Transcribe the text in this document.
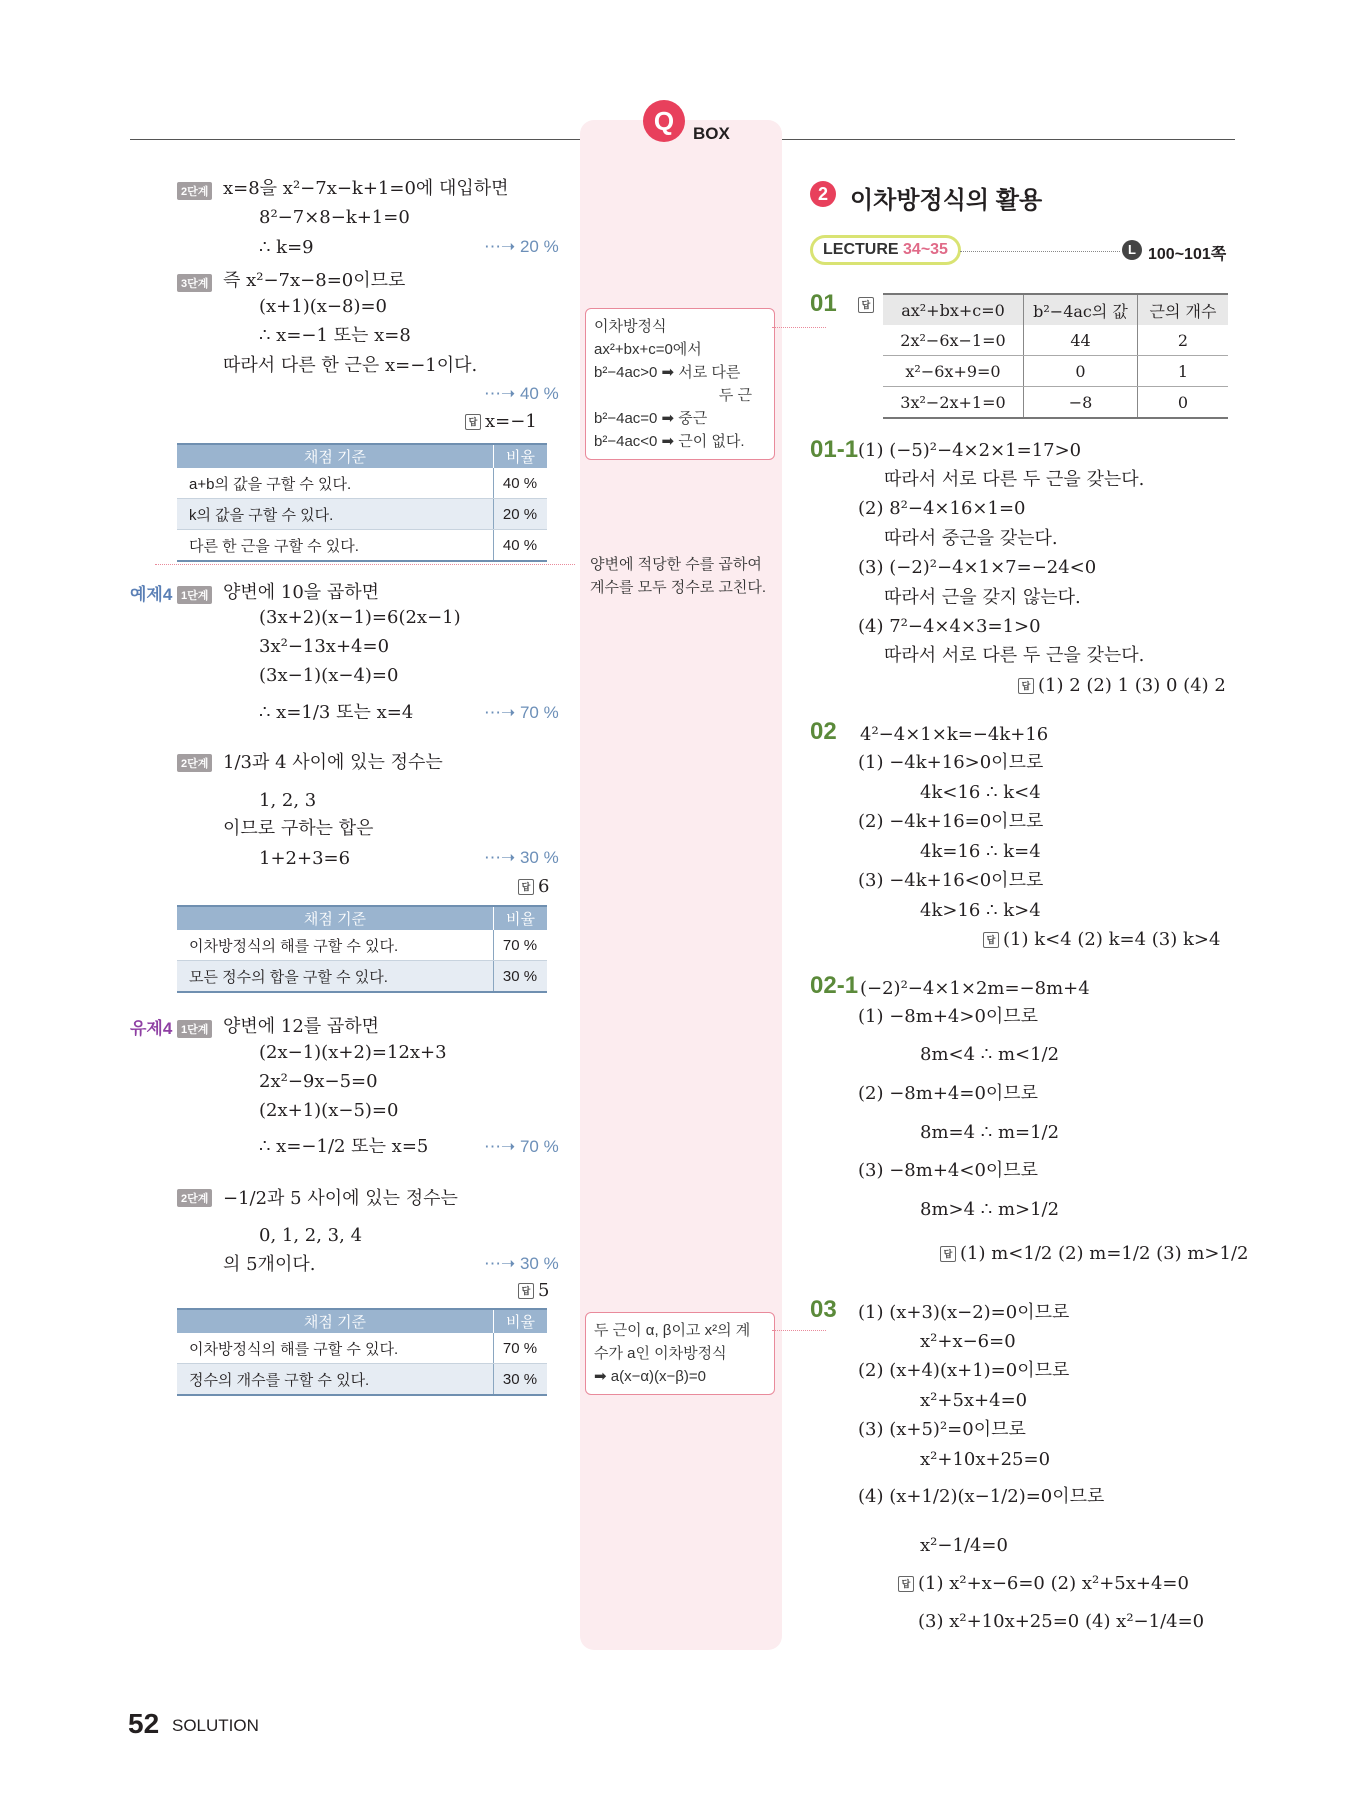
Q	BOX
2단계 x=8을 x²−7x−k+1=0에 대입하면
8²−7×8−k+1=0
∴ k=9	⋯➝ 20 %
3단계 즉 x²−7x−8=0이므로
(x+1)(x−8)=0
∴ x=−1 또는 x=8
따라서 다른 한 근은 x=−1이다.
⋯➝ 40 %
답 x=−1
채점 기준	비율
a+b의 값을 구할 수 있다.	40 %
k의 값을 구할 수 있다.	20 %
다른 한 근을 구할 수 있다.	40 %
예제4 1단계 양변에 10을 곱하면
(3x+2)(x−1)=6(2x−1)
3x²−13x+4=0
(3x−1)(x−4)=0
∴ x=1/3 또는 x=4	⋯➝ 70 %
2단계 1/3과 4 사이에 있는 정수는
1, 2, 3
이므로 구하는 합은
1+2+3=6	⋯➝ 30 %
답 6
채점 기준	비율
이차방정식의 해를 구할 수 있다.	70 %
모든 정수의 합을 구할 수 있다.	30 %
유제4 1단계 양변에 12를 곱하면
(2x−1)(x+2)=12x+3
2x²−9x−5=0
(2x+1)(x−5)=0
∴ x=−1/2 또는 x=5	⋯➝ 70 %
2단계 −1/2과 5 사이에 있는 정수는
0, 1, 2, 3, 4
의 5개이다.	⋯➝ 30 %
답 5
채점 기준	비율
이차방정식의 해를 구할 수 있다.	70 %
정수의 개수를 구할 수 있다.	30 %
이차방정식
ax²+bx+c=0에서
b²−4ac>0 ➡ 서로 다른
두 근
b²−4ac=0 ➡ 중근
b²−4ac<0 ➡ 근이 없다.
양변에 적당한 수를 곱하여
계수를 모두 정수로 고친다.
두 근이 α, β이고 x²의 계
수가 a인 이차방정식
➡ a(x−α)(x−β)=0
2 이차방정식의 활용
LECTURE 34~35	L 100~101쪽
01	답	ax²+bx+c=0	b²−4ac의 값	근의 개수
2x²−6x−1=0	44	2
x²−6x+9=0	0	1
3x²−2x+1=0	−8	0
01-1 (1) (−5)²−4×2×1=17>0
따라서 서로 다른 두 근을 갖는다.
(2) 8²−4×16×1=0
따라서 중근을 갖는다.
(3) (−2)²−4×1×7=−24<0
따라서 근을 갖지 않는다.
(4) 7²−4×4×3=1>0
따라서 서로 다른 두 근을 갖는다.
답 (1) 2 (2) 1 (3) 0 (4) 2
02 4²−4×1×k=−4k+16
(1) −4k+16>0이므로
4k<16 ∴ k<4
(2) −4k+16=0이므로
4k=16 ∴ k=4
(3) −4k+16<0이므로
4k>16 ∴ k>4
답 (1) k<4 (2) k=4 (3) k>4
02-1 (−2)²−4×1×2m=−8m+4
(1) −8m+4>0이므로
8m<4 ∴ m<1/2
(2) −8m+4=0이므로
8m=4 ∴ m=1/2
(3) −8m+4<0이므로
8m>4 ∴ m>1/2
답 (1) m<1/2 (2) m=1/2 (3) m>1/2
03 (1) (x+3)(x−2)=0이므로
x²+x−6=0
(2) (x+4)(x+1)=0이므로
x²+5x+4=0
(3) (x+5)²=0이므로
x²+10x+25=0
(4) (x+1/2)(x−1/2)=0이므로
x²−1/4=0
답 (1) x²+x−6=0 (2) x²+5x+4=0
(3) x²+10x+25=0 (4) x²−1/4=0
52 SOLUTION
